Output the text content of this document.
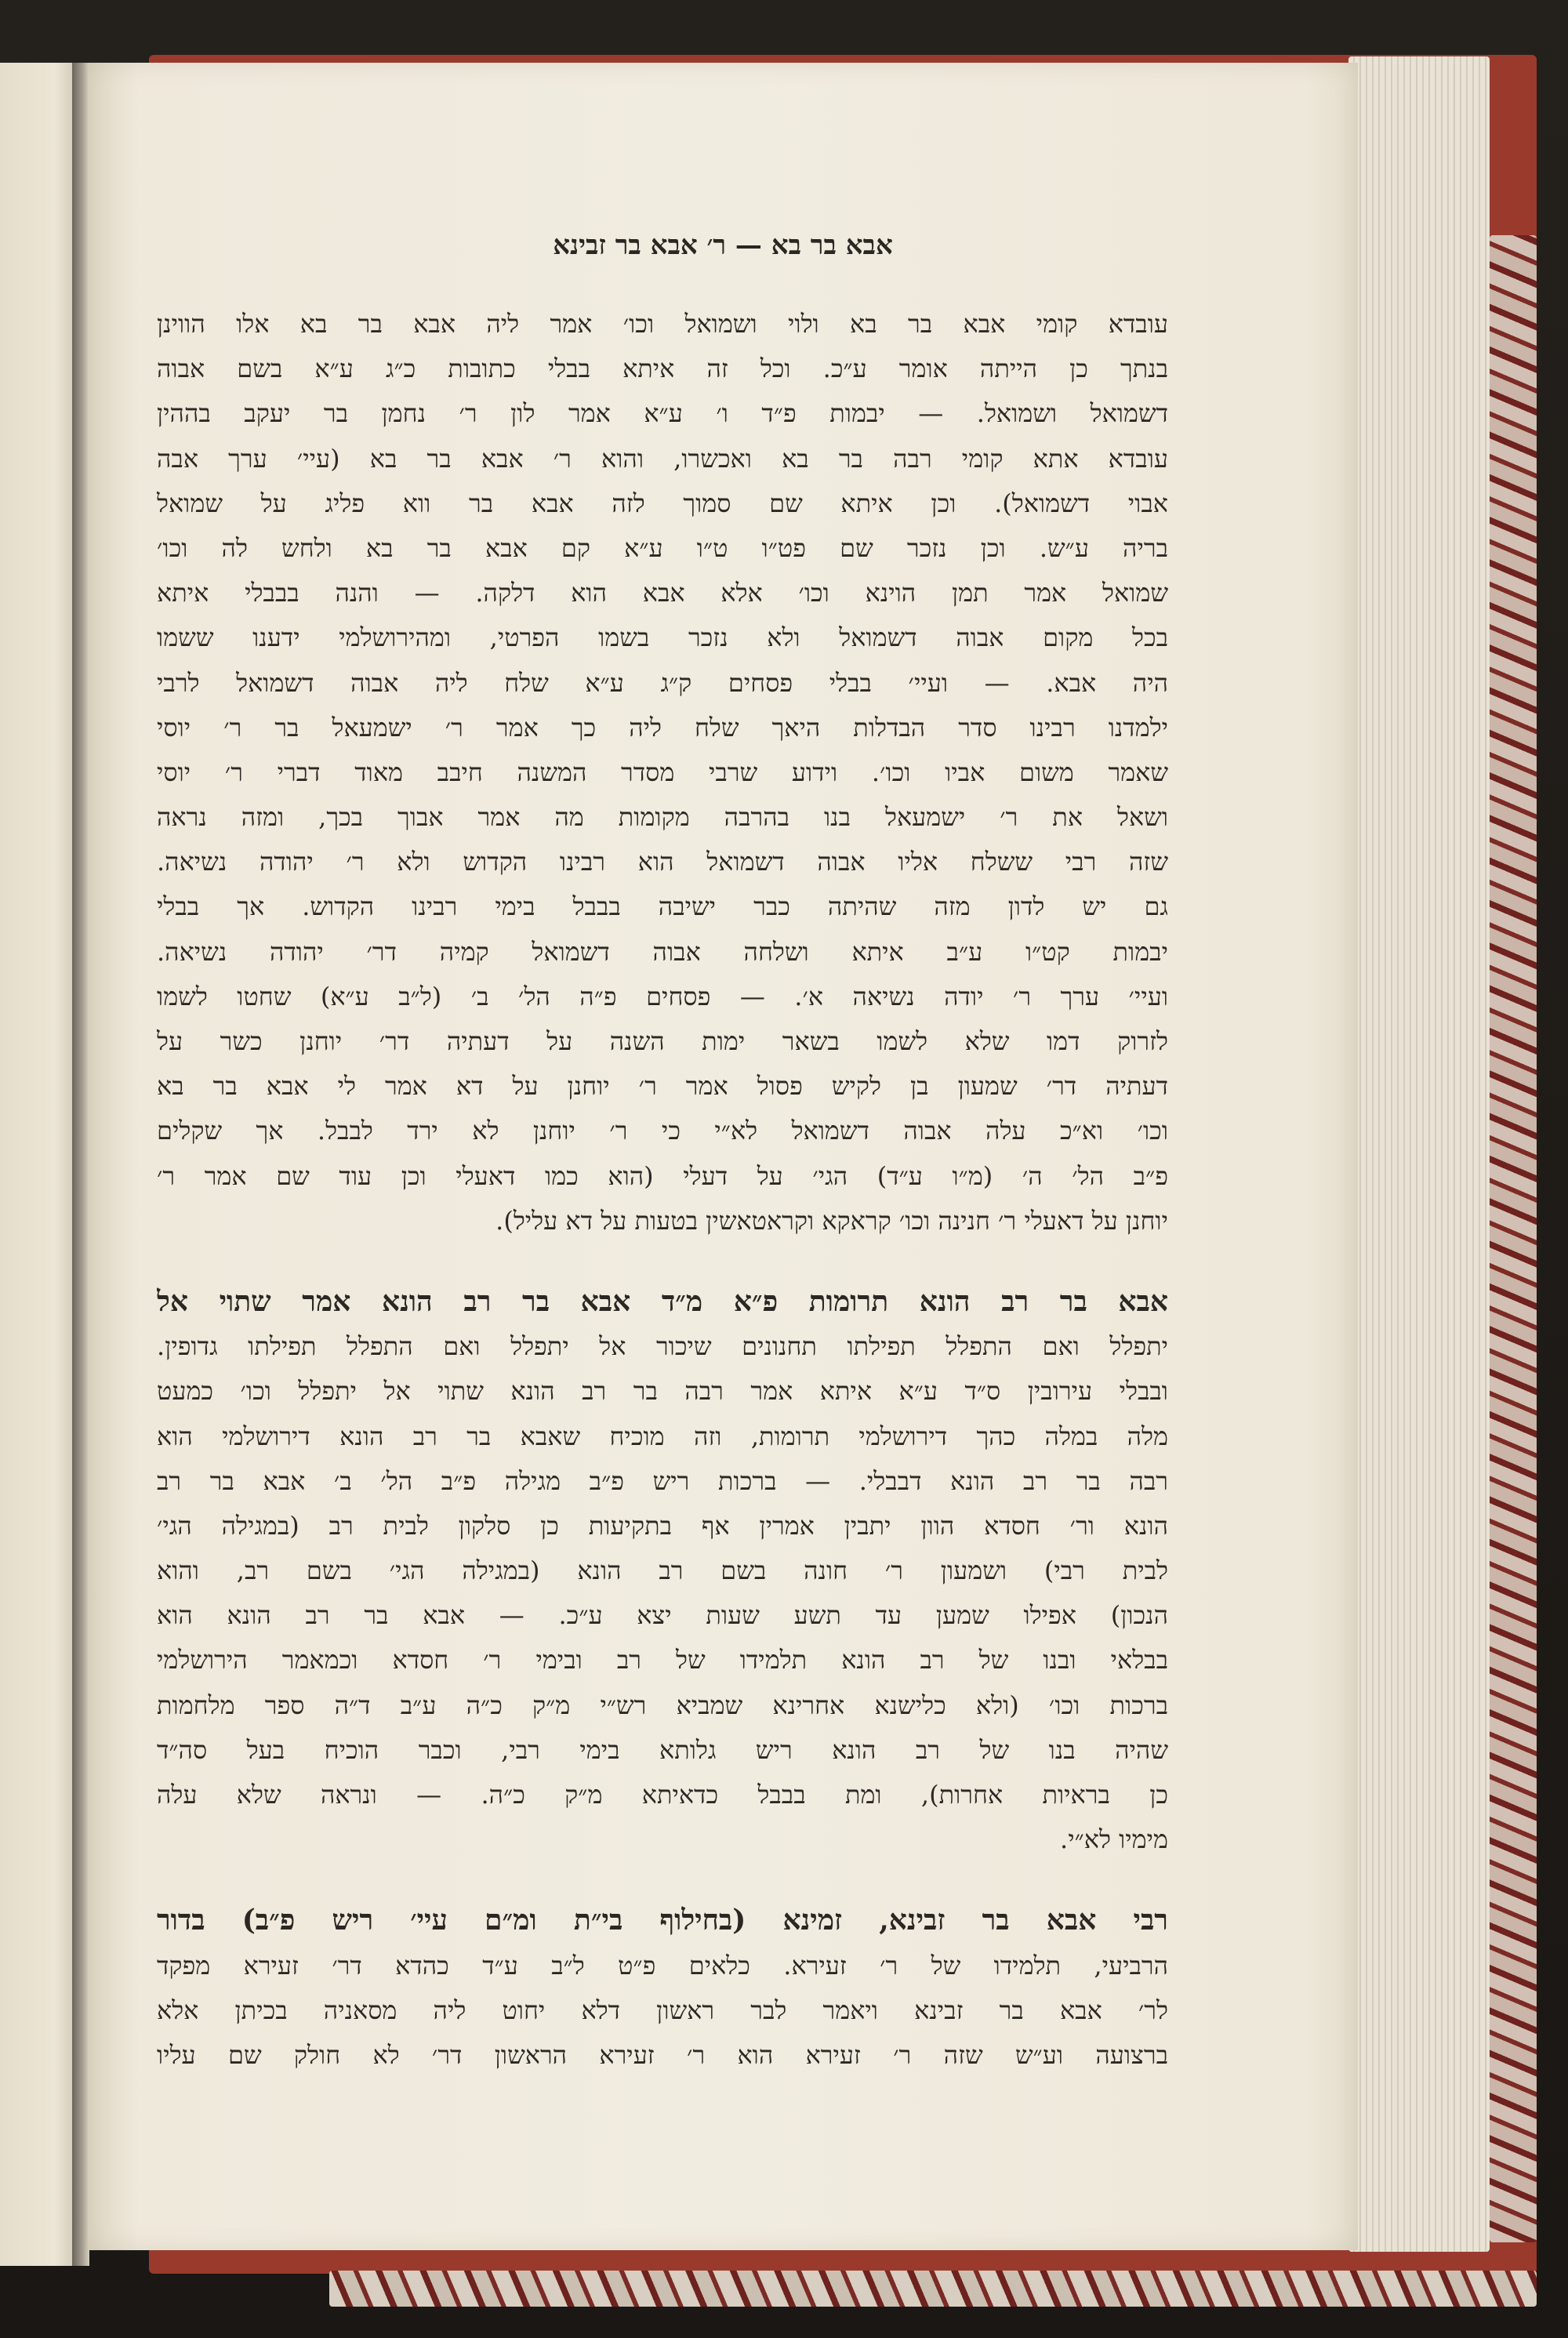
אבא בר בא — ר׳ אבא בר זבינא
עובדא קומי אבא בר בא ולוי ושמואל וכו׳ אמר ליה אבא בר בא אלו הווינן
בנתך כן הייתה אומר ע״כ. וכל זה איתא בבלי כתובות כ״ג ע״א בשם אבוה
דשמואל ושמואל. — יבמות פ״ד ו׳ ע״א אמר לון ר׳ נחמן בר יעקב בההין
עובדא אתא קומי רבה בר בא ואכשרו, והוא ר׳ אבא בר בא (עיי׳ ערך אבה
אבוי דשמואל). וכן איתא שם סמוך לזה אבא בר ווא פליג על שמואל
בריה ע״ש. וכן נזכר שם פט״ו ט״ו ע״א קם אבא בר בא ולחש לה וכו׳
שמואל אמר תמן הוינא וכו׳ אלא אבא הוא דלקה. — והנה בבבלי איתא
בכל מקום אבוה דשמואל ולא נזכר בשמו הפרטי, ומהירושלמי ידענו ששמו
היה אבא. — ועיי׳ בבלי פסחים ק״ג ע״א שלח ליה אבוה דשמואל לרבי
ילמדנו רבינו סדר הבדלות היאך שלח ליה כך אמר ר׳ ישמעאל בר ר׳ יוסי
שאמר משום אביו וכו׳. וידוע שרבי מסדר המשנה חיבב מאוד דברי ר׳ יוסי
ושאל את ר׳ ישמעאל בנו בהרבה מקומות מה אמר אבוך בכך, ומזה נראה
שזה רבי ששלח אליו אבוה דשמואל הוא רבינו הקדוש ולא ר׳ יהודה נשיאה.
גם יש לדון מזה שהיתה כבר ישיבה בבבל בימי רבינו הקדוש. אך בבלי
יבמות קט״ו ע״ב איתא ושלחה אבוה דשמואל קמיה דר׳ יהודה נשיאה.
ועיי׳ ערך ר׳ יודה נשיאה א׳. — פסחים פ״ה הל׳ ב׳ (ל״ב ע״א) שחטו לשמו
לזרוק דמו שלא לשמו בשאר ימות השנה על דעתיה דר׳ יוחנן כשר על
דעתיה דר׳ שמעון בן לקיש פסול אמר ר׳ יוחנן על דא אמר לי אבא בר בא
וכו׳ וא״כ עלה אבוה דשמואל לא״י כי ר׳ יוחנן לא ירד לבבל. אך שקלים
פ״ב הל׳ ה׳ (מ״ו ע״ד) הגי׳ על דעלי (הוא כמו דאעלי וכן עוד שם אמר ר׳
יוחנן על דאעלי ר׳ חנינה וכו׳ קראקא וקראטאשין בטעות על דא עליל).
אבא בר רב הונא תרומות פ״א מ״ד אבא בר רב הונא אמר שתוי אל
יתפלל ואם התפלל תפילתו תחנונים שיכור אל יתפלל ואם התפלל תפילתו גדופין.
ובבלי עירובין ס״ד ע״א איתא אמר רבה בר רב הונא שתוי אל יתפלל וכו׳ כמעט
מלה במלה כהך דירושלמי תרומות, וזה מוכיח שאבא בר רב הונא דירושלמי הוא
רבה בר רב הונא דבבלי. — ברכות ריש פ״ב מגילה פ״ב הל׳ ב׳ אבא בר רב
הונא ור׳ חסדא הוון יתבין אמרין אף בתקיעות כן סלקון לבית רב (במגילה הגי׳
לבית רבי) ושמעון ר׳ חונה בשם רב הונא (במגילה הגי׳ בשם רב, והוא
הנכון) אפילו שמען עד תשע שעות יצא ע״כ. — אבא בר רב הונא הוא
בבלאי ובנו של רב הונא תלמידו של רב ובימי ר׳ חסדא וכמאמר הירושלמי
ברכות וכו׳ (ולא כלישנא אחרינא שמביא רש״י מ״ק כ״ה ע״ב ד״ה ספר מלחמות
שהיה בנו של רב הונא ריש גלותא בימי רבי, וכבר הוכיח בעל סה״ד
כן בראיות אחרות), ומת בבבל כדאיתא מ״ק כ״ה. — ונראה שלא עלה
מימיו לא״י.
רבי אבא בר זבינא, זמינא (בחילוף בי״ת ומ״ם עיי׳ ריש פ״ב) בדור
הרביעי, תלמידו של ר׳ זעירא. כלאים פ״ט ל״ב ע״ד כהדא דר׳ זעירא מפקד
לר׳ אבא בר זבינא ויאמר לבר ראשון דלא יחוט ליה מסאניה בכיתן אלא
ברצועה וע״ש שזה ר׳ זעירא הוא ר׳ זעירא הראשון דר׳ לא חולק שם עליו
